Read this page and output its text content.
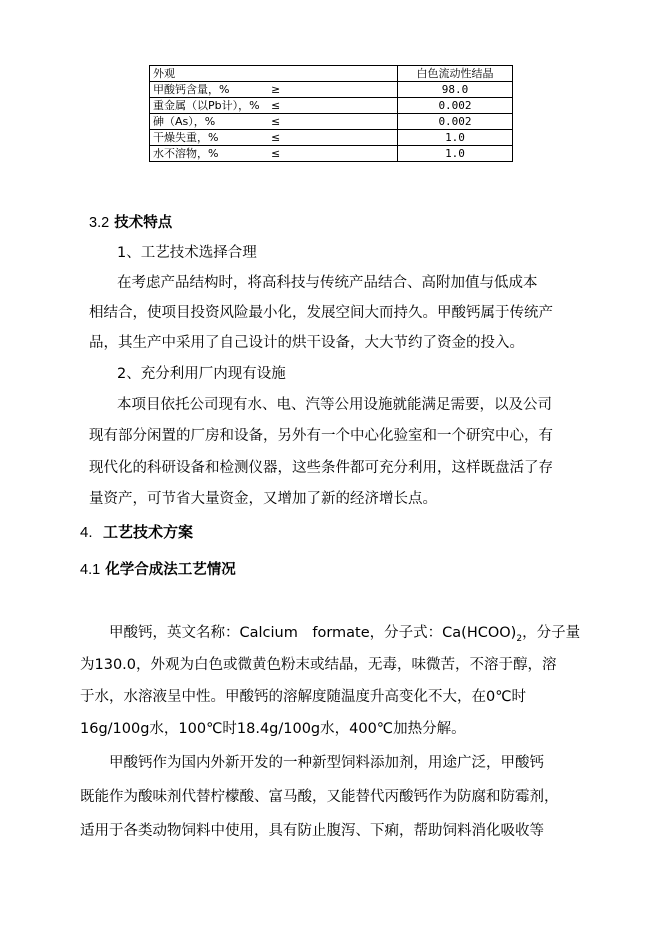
外观	白色流动性结晶
甲酸钙含量，% ≥	98.0
重金属（以Pb计），% ≤	0.002
砷（As），% ≤	0.002
干燥失重，% ≤	1.0
水不溶物，% ≤	1.0
3.2 技术特点
1、工艺技术选择合理
在考虑产品结构时，将高科技与传统产品结合、高附加值与低成本
相结合，使项目投资风险最小化，发展空间大而持久。甲酸钙属于传统产
品，其生产中采用了自己设计的烘干设备，大大节约了资金的投入。
2、充分利用厂内现有设施
本项目依托公司现有水、电、汽等公用设施就能满足需要，以及公司
现有部分闲置的厂房和设备，另外有一个中心化验室和一个研究中心，有
现代化的科研设备和检测仪器，这些条件都可充分利用，这样既盘活了存
量资产，可节省大量资金，又增加了新的经济增长点。
4. 工艺技术方案
4.1 化学合成法工艺情况
甲酸钙，英文名称：Calcium　formate，分子式：$Ca(HCOO)_2$，分子量
为130.0，外观为白色或微黄色粉末或结晶，无毒，味微苦，不溶于醇，溶
于水，水溶液呈中性。甲酸钙的溶解度随温度升高变化不大，在0℃时
16g/100g水，100℃时18.4g/100g水，400℃加热分解。
甲酸钙作为国内外新开发的一种新型饲料添加剂，用途广泛，甲酸钙
既能作为酸味剂代替柠檬酸、富马酸，又能替代丙酸钙作为防腐和防霉剂，
适用于各类动物饲料中使用，具有防止腹泻、下痢，帮助饲料消化吸收等
